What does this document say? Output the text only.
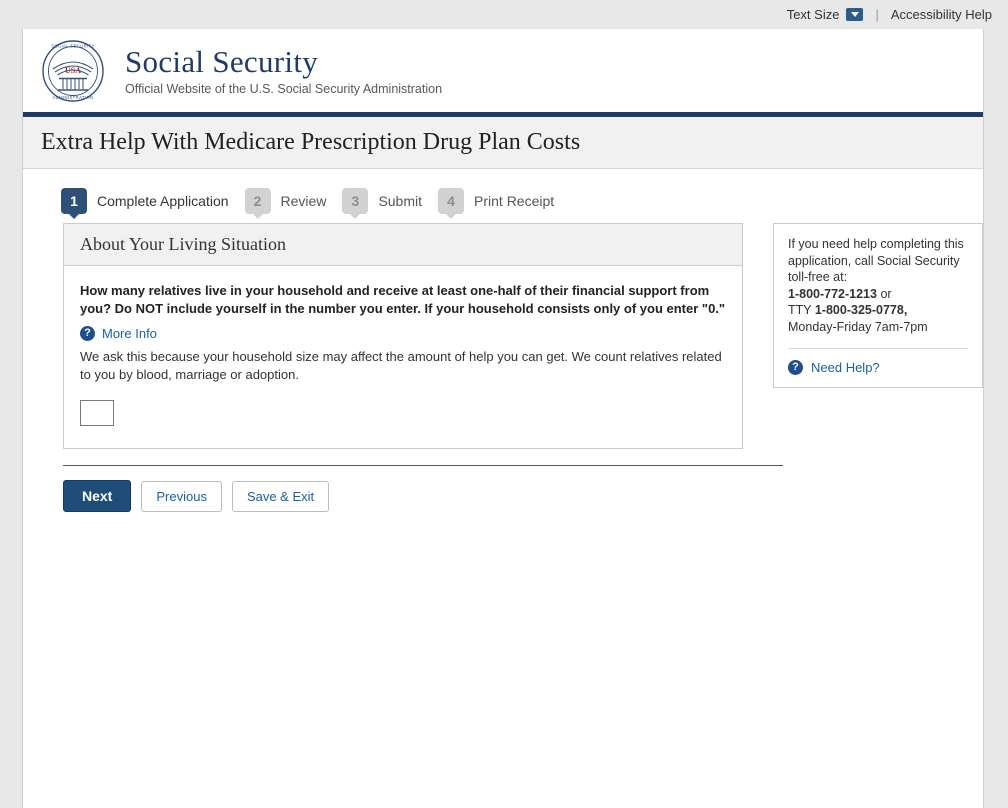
Text Size	| Accessibility Help
USA
SOCIAL SECURITY
ADMINISTRATION
Social Security
Official Website of the U.S. Social Security Administration
Extra Help With Medicare Prescription Drug Plan Costs
1	Complete Application	2	Review	3	Submit	4	Print Receipt
About Your Living Situation
How many relatives live in your household and receive at least one-half of their financial support from you? Do NOT include yourself in the number you enter. If your household consists only of you enter "0."
? More Info
We ask this because your household size may affect the amount of help you can get. We count relatives related to you by blood, marriage or adoption.

If you need help completing this application, call Social Security toll-free at:

1-800-772-1213 or
TTY 1-800-325-0778,
Monday-Friday 7am-7pm

? Need Help?
Next	Previous	Save & Exit
